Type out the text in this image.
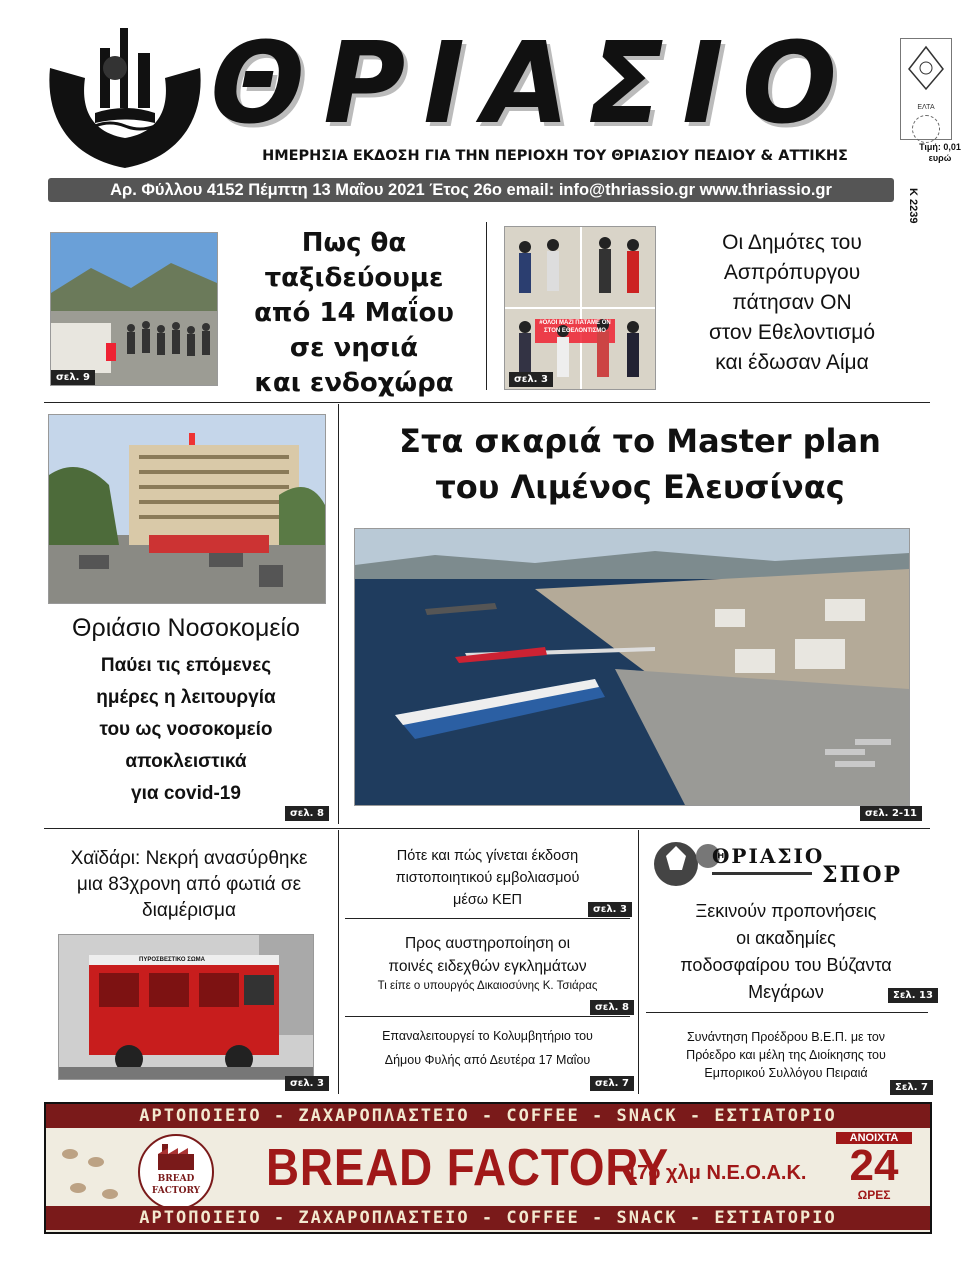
ΘΡΙΑΣΙΟ	ΕΛΤΑ
Τιμή: 0,01 ευρώ
ΗΜΕΡΗΣΙΑ ΕΚΔΟΣΗ ΓΙΑ ΤΗΝ ΠΕΡΙΟΧΗ ΤΟΥ ΘΡΙΑΣΙΟΥ ΠΕΔΙΟΥ & ΑΤΤΙΚΗΣ
Αρ. Φύλλου 4152 Πέμπτη 13 Μαΐου 2021 Έτος 26ο email: info@thriassio.gr www.thriassio.gr	Κ 2239
σελ. 9
Πως θα
ταξιδεύουμε
από 14 Μαΐου
σε νησιά
και ενδοχώρα
#ΟΛΟΙ ΜΑΖΙ ΠΑΤΑΜΕ ON ΣΤΟΝ ΕΘΕΛΟΝΤΙΣΜΟ
σελ. 3
Οι Δημότες του
Ασπρόπυργου
πάτησαν ΟΝ
στον Εθελοντισμό
και έδωσαν Αίμα
Θριάσιο Νοσοκομείο
Παύει τις επόμενες
ημέρες η λειτουργία
του ως νοσοκομείο
αποκλειστικά
για covid-19
σελ. 8
Στα σκαριά το Master plan
του Λιμένος Ελευσίνας
σελ. 2-11
Χαϊδάρι: Νεκρή ανασύρθηκε
μια 83χρονη από φωτιά σε
διαμέρισμα
ΠΥΡΟΣΒΕΣΤΙΚΟ ΣΩΜΑ
σελ. 3
Πότε και πώς γίνεται έκδοση
πιστοποιητικού εμβολιασμού
μέσω ΚΕΠ
σελ. 3
Προς αυστηροποίηση οι
ποινές ειδεχθών εγκλημάτων
Τι είπε ο υπουργός Δικαιοσύνης Κ. Τσιάρας
σελ. 8
Επαναλειτουργεί το Κολυμβητήριο του
Δήμου Φυλής από Δευτέρα 17 Μαΐου
σελ. 7
ΘΡΙΑΣΙΟ
ΣΠΟΡ
Ξεκινούν προπονήσεις
οι ακαδημίες
ποδοσφαίρου του Βύζαντα
Μεγάρων	Σελ. 13
Συνάντηση Προέδρου Β.Ε.Π. με τον
Πρόεδρο και μέλη της Διοίκησης του
Εμπορικού Συλλόγου Πειραιά
Σελ. 7
ΑΡΤΟΠΟΙΕΙΟ - ΖΑΧΑΡΟΠΛΑΣΤΕΙΟ - COFFEE - SNACK - ΕΣΤΙΑΤΟΡΙΟ
BREAD
FACTORY BREAD FACTORY
17ο χλμ Ν.Ε.Ο.Α.Κ.
ΑΝΟΙΧΤΑ
24
ΩΡΕΣ
ΑΡΤΟΠΟΙΕΙΟ - ΖΑΧΑΡΟΠΛΑΣΤΕΙΟ - COFFEE - SNACK - ΕΣΤΙΑΤΟΡΙΟ
